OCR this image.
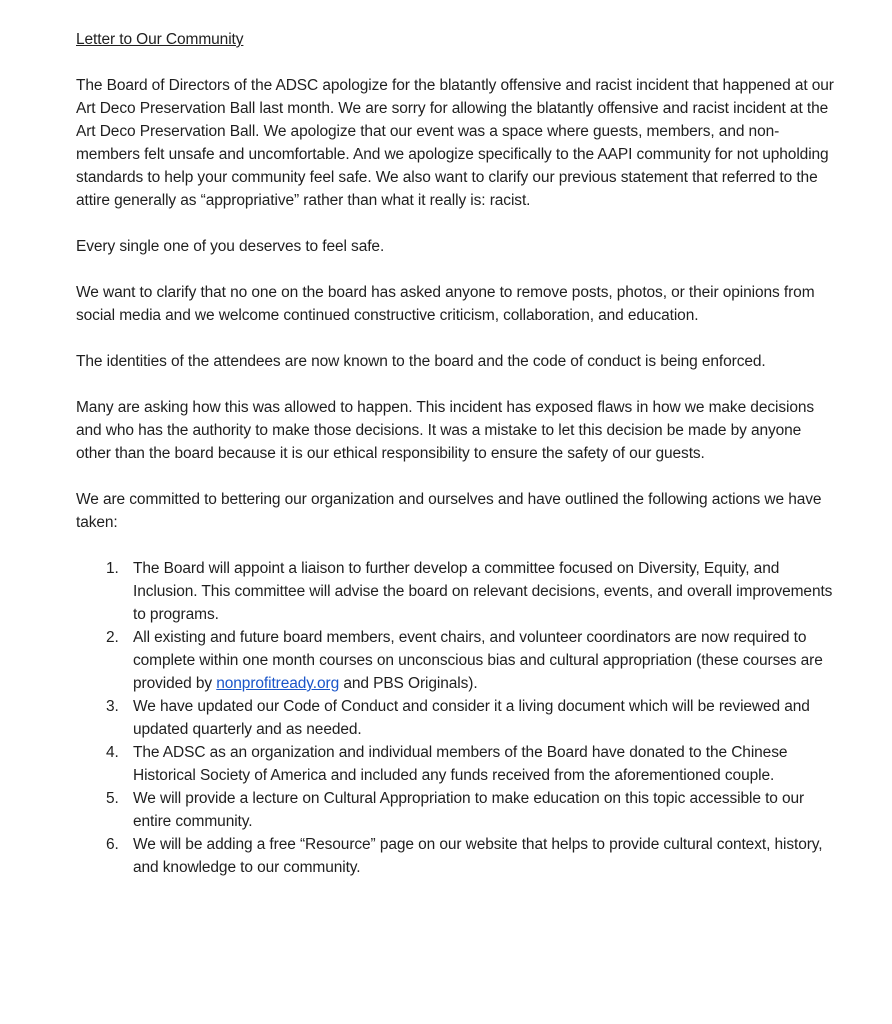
Letter to Our Community

The Board of Directors of the ADSC apologize for the blatantly offensive and racist incident that happened at our Art Deco Preservation Ball last month. We are sorry for allowing the blatantly offensive and racist incident at the Art Deco Preservation Ball. We apologize that our event was a space where guests, members, and non-members felt unsafe and uncomfortable. And we apologize specifically to the AAPI community for not upholding standards to help your community feel safe. We also want to clarify our previous statement that referred to the attire generally as “appropriative” rather than what it really is: racist.

Every single one of you deserves to feel safe.

We want to clarify that no one on the board has asked anyone to remove posts, photos, or their opinions from social media and we welcome continued constructive criticism, collaboration, and education.

The identities of the attendees are now known to the board and the code of conduct is being enforced.

Many are asking how this was allowed to happen. This incident has exposed flaws in how we make decisions and who has the authority to make those decisions. It was a mistake to let this decision be made by anyone other than the board because it is our ethical responsibility to ensure the safety of our guests.

We are committed to bettering our organization and ourselves and have outlined the following actions we have taken:

1. The Board will appoint a liaison to further develop a committee focused on Diversity, Equity, and Inclusion. This committee will advise the board on relevant decisions, events, and overall improvements to programs.
2. All existing and future board members, event chairs, and volunteer coordinators are now required to complete within one month courses on unconscious bias and cultural appropriation (these courses are provided by nonprofitready.org and PBS Originals).
3. We have updated our Code of Conduct and consider it a living document which will be reviewed and updated quarterly and as needed.
4. The ADSC as an organization and individual members of the Board have donated to the Chinese Historical Society of America and included any funds received from the aforementioned couple.
5. We will provide a lecture on Cultural Appropriation to make education on this topic accessible to our entire community.
6. We will be adding a free “Resource” page on our website that helps to provide cultural context, history, and knowledge to our community.
